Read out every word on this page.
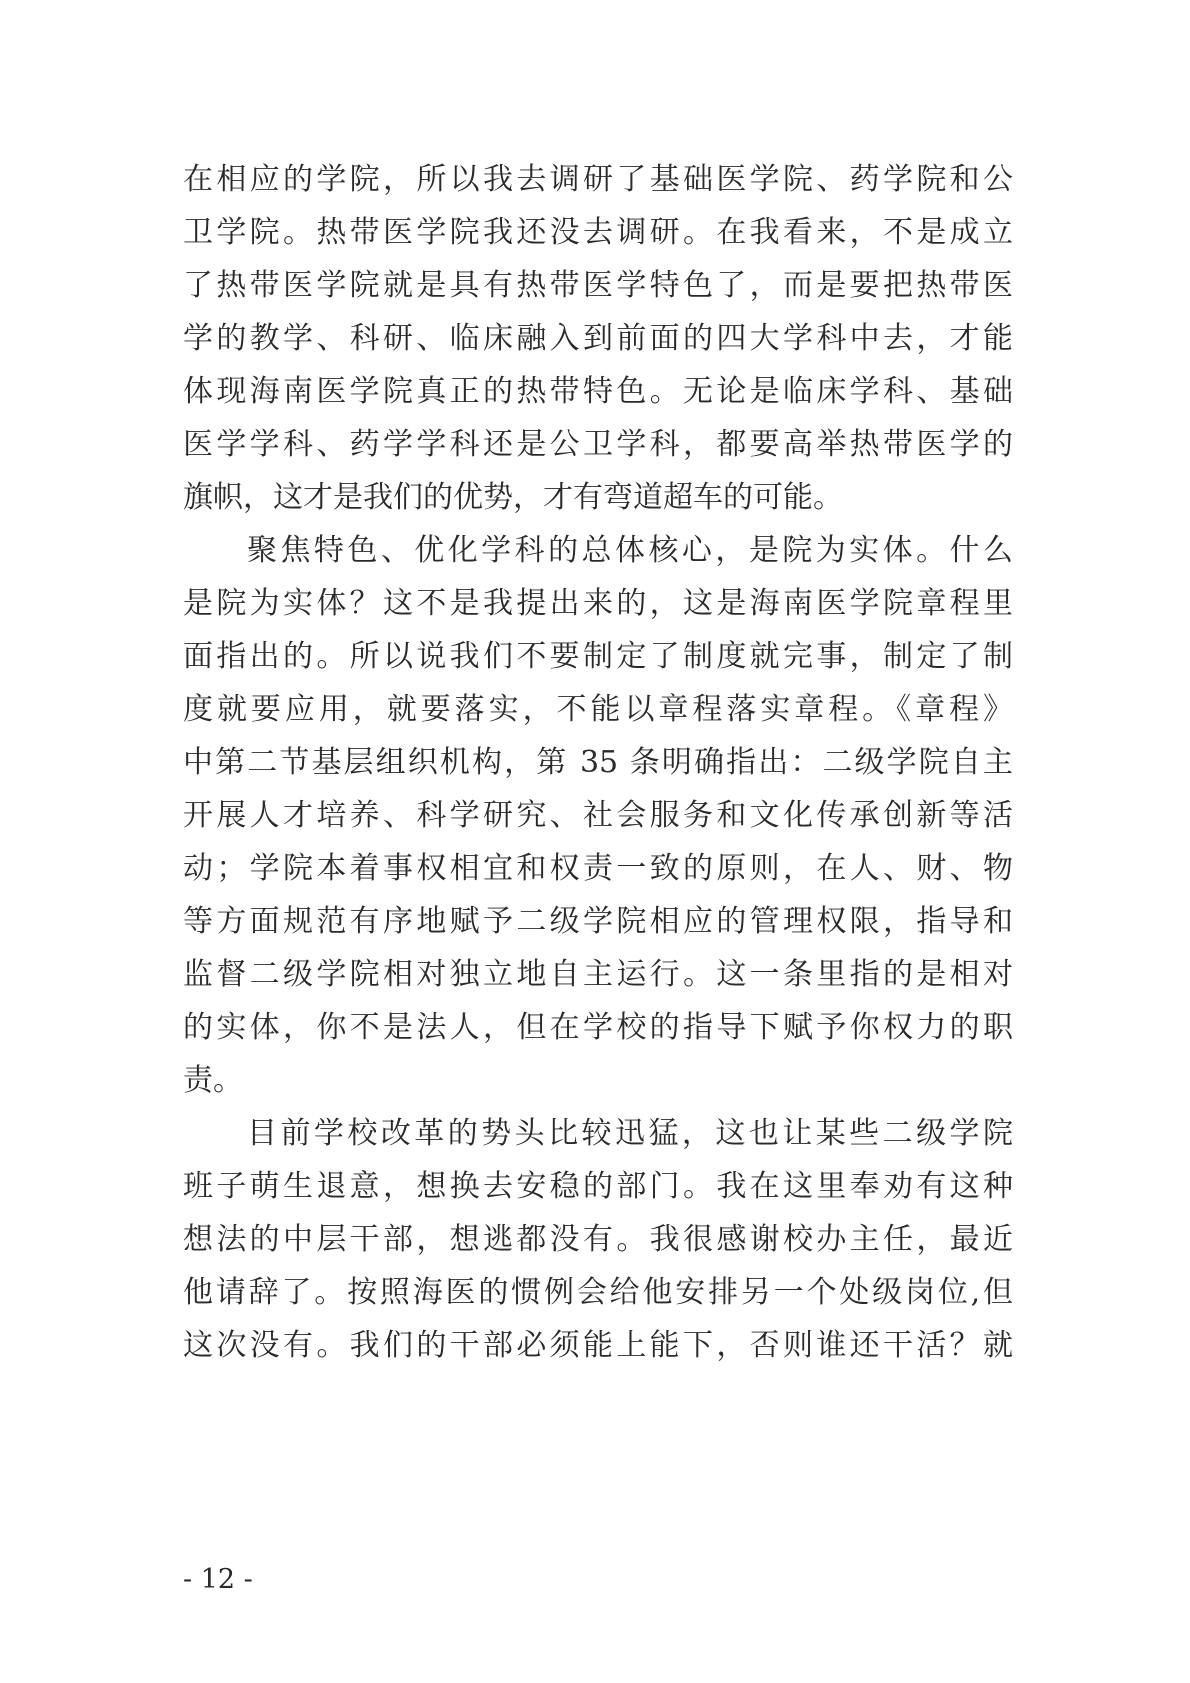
在相应的学院，所以我去调研了基础医学院、药学院和公
卫学院。热带医学院我还没去调研。在我看来，不是成立
了热带医学院就是具有热带医学特色了，而是要把热带医
学的教学、科研、临床融入到前面的四大学科中去，才能
体现海南医学院真正的热带特色。无论是临床学科、基础
医学学科、药学学科还是公卫学科，都要高举热带医学的
旗帜，这才是我们的优势，才有弯道超车的可能。
聚焦特色、优化学科的总体核心，是院为实体。什么
是院为实体？这不是我提出来的，这是海南医学院章程里
面指出的。所以说我们不要制定了制度就完事，制定了制
度就要应用，就要落实，不能以章程落实章程。《章程》
中第二节基层组织机构，第 35 条明确指出：二级学院自主
开展人才培养、科学研究、社会服务和文化传承创新等活
动；学院本着事权相宜和权责一致的原则，在人、财、物
等方面规范有序地赋予二级学院相应的管理权限，指导和
监督二级学院相对独立地自主运行。这一条里指的是相对
的实体，你不是法人，但在学校的指导下赋予你权力的职
责。
目前学校改革的势头比较迅猛，这也让某些二级学院
班子萌生退意，想换去安稳的部门。我在这里奉劝有这种
想法的中层干部，想逃都没有。我很感谢校办主任，最近
他请辞了。按照海医的惯例会给他安排另一个处级岗位,但
这次没有。我们的干部必须能上能下，否则谁还干活？就
- 12 -
